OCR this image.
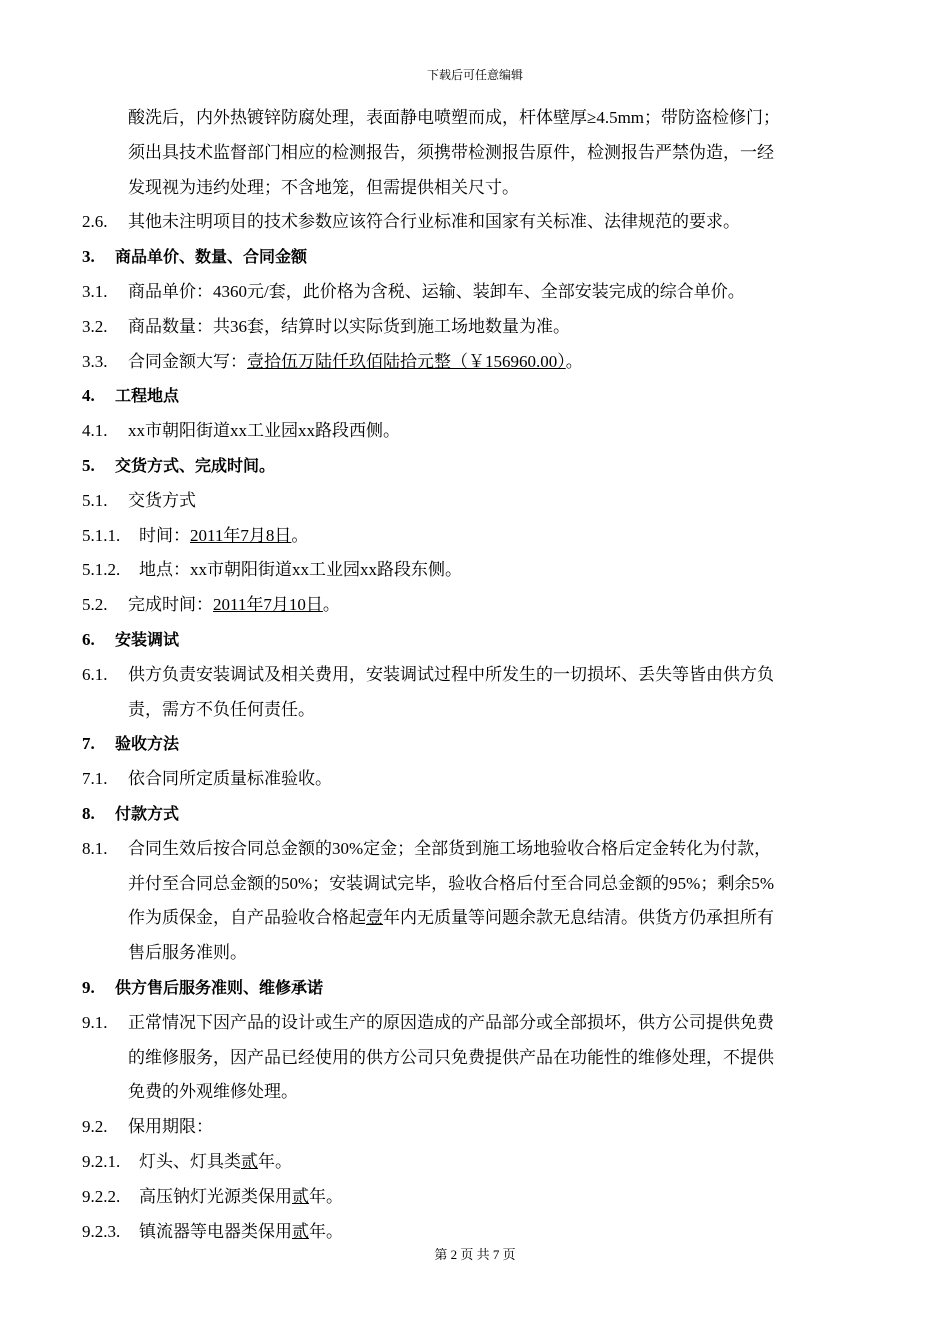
下载后可任意编辑
酸洗后，内外热镀锌防腐处理，表面静电喷塑而成，杆体壁厚≥4.5mm；带防盗检修门；
须出具技术监督部门相应的检测报告，须携带检测报告原件，检测报告严禁伪造，一经
发现视为违约处理；不含地笼，但需提供相关尺寸。
2.6. 其他未注明项目的技术参数应该符合行业标准和国家有关标准、法律规范的要求。
3. 商品单价、数量、合同金额
3.1. 商品单价：4360元/套，此价格为含税、运输、装卸车、全部安装完成的综合单价。
3.2. 商品数量：共36套，结算时以实际货到施工场地数量为准。
3.3. 合同金额大写：壹拾伍万陆仟玖佰陆拾元整（￥156960.00）。
4. 工程地点
4.1. xx市朝阳街道xx工业园xx路段西侧。
5. 交货方式、完成时间。
5.1. 交货方式
5.1.1. 时间：2011年7月8日。
5.1.2. 地点：xx市朝阳街道xx工业园xx路段东侧。
5.2. 完成时间：2011年7月10日。
6. 安装调试
6.1. 供方负责安装调试及相关费用，安装调试过程中所发生的一切损坏、丢失等皆由供方负
责，需方不负任何责任。
7. 验收方法
7.1. 依合同所定质量标准验收。
8. 付款方式
8.1. 合同生效后按合同总金额的30%定金；全部货到施工场地验收合格后定金转化为付款，
并付至合同总金额的50%；安装调试完毕，验收合格后付至合同总金额的95%；剩余5%
作为质保金，自产品验收合格起壹年内无质量等问题余款无息结清。供货方仍承担所有
售后服务准则。
9. 供方售后服务准则、维修承诺
9.1. 正常情况下因产品的设计或生产的原因造成的产品部分或全部损坏，供方公司提供免费
的维修服务，因产品已经使用的供方公司只免费提供产品在功能性的维修处理，不提供
免费的外观维修处理。
9.2. 保用期限：
9.2.1. 灯头、灯具类贰年。
9.2.2. 高压钠灯光源类保用贰年。
9.2.3. 镇流器等电器类保用贰年。
第 2 页 共 7 页
